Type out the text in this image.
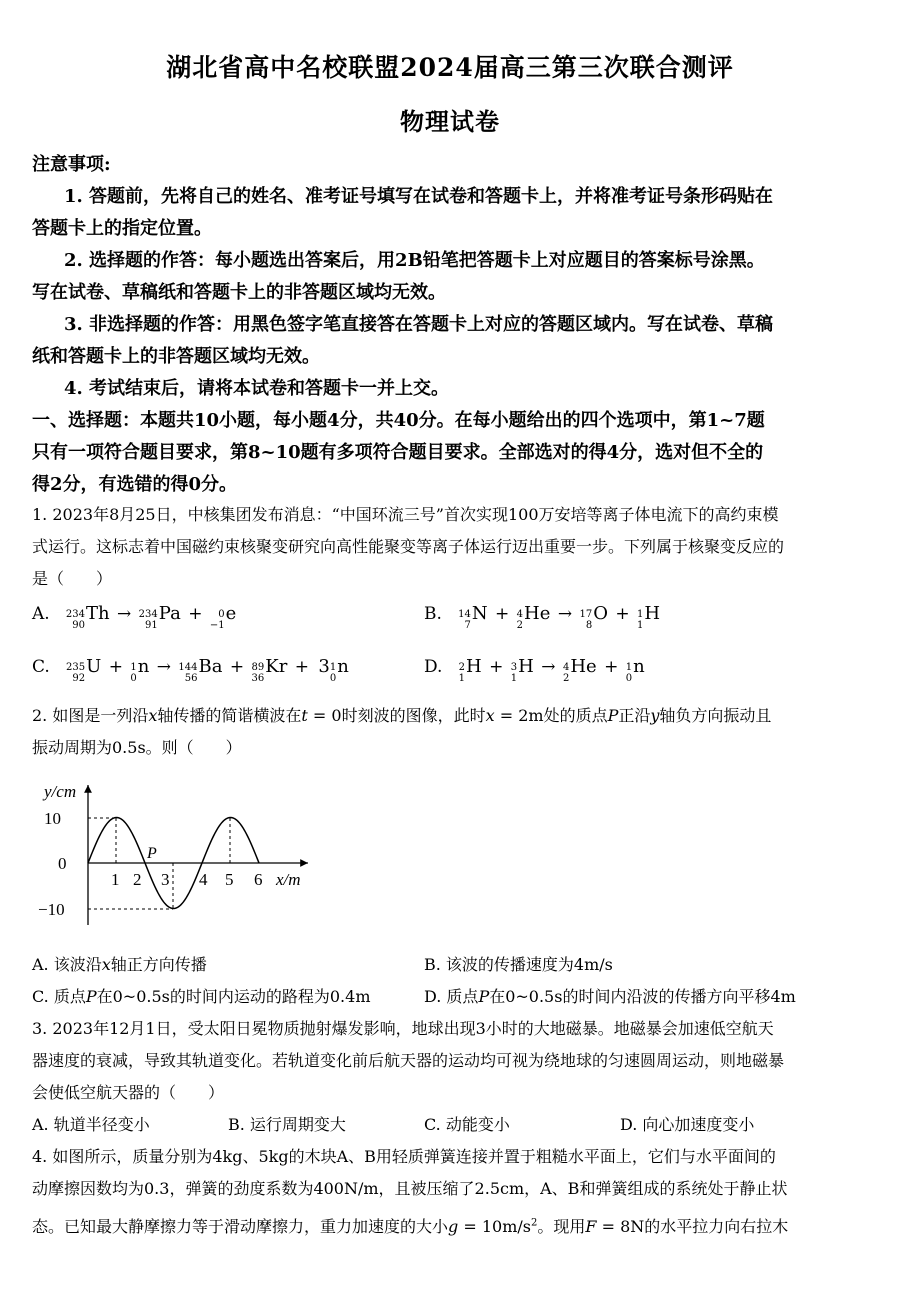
湖北省高中名校联盟2024届高三第三次联合测评
物理试卷
注意事项:
1. 答题前，先将自己的姓名、准考证号填写在试卷和答题卡上，并将准考证号条形码贴在
答题卡上的指定位置。
2. 选择题的作答：每小题选出答案后，用2B铅笔把答题卡上对应题目的答案标号涂黑。
写在试卷、草稿纸和答题卡上的非答题区域均无效。
3. 非选择题的作答：用黑色签字笔直接答在答题卡上对应的答题区域内。写在试卷、草稿
纸和答题卡上的非答题区域均无效。
4. 考试结束后，请将本试卷和答题卡一并上交。
一、选择题：本题共10小题，每小题4分，共40分。在每小题给出的四个选项中，第1~7题
只有一项符合题目要求，第8~10题有多项符合题目要求。全部选对的得4分，选对但不全的
得2分，有选错的得0分。
1. 2023年8月25日，中核集团发布消息：“中国环流三号”首次实现100万安培等离子体电流下的高约束模
式运行。这标志着中国磁约束核聚变研究向高性能聚变等离子体运行迈出重要一步。下列属于核聚变反应的
是（　　）
A. 234
90
Th → 234
91
Pa +	0
−1
e	B. 14
7
N + 4
2
He → 17
8
O + 1
1
H
C. 235
92
U + 1
0
n → 144
56
Ba + 89
36
Kr + 3 1
0
n	D. 2
1
H + 3
1
H → 4
2
He + 1
0
n
2. 如图是一列沿x轴传播的简谐横波在t = 0时刻波的图像，此时x = 2m处的质点P正沿y轴负方向振动且
振动周期为0.5s。则（　　）
y/cm
10
0
−10
1 2 3 4 5 6 x/m
P
A. 该波沿x轴正方向传播	B. 该波的传播速度为4m/s
C. 质点P在0~0.5s的时间内运动的路程为0.4m	D. 质点P在0~0.5s的时间内沿波的传播方向平移4m
3. 2023年12月1日，受太阳日冕物质抛射爆发影响，地球出现3小时的大地磁暴。地磁暴会加速低空航天
器速度的衰减，导致其轨道变化。若轨道变化前后航天器的运动均可视为绕地球的匀速圆周运动，则地磁暴
会使低空航天器的（　　）
A. 轨道半径变小	B. 运行周期变大	C. 动能变小	D. 向心加速度变小
4. 如图所示，质量分别为4kg、5kg的木块A、B用轻质弹簧连接并置于粗糙水平面上，它们与水平面间的
动摩擦因数均为0.3，弹簧的劲度系数为400N/m，且被压缩了2.5cm，A、B和弹簧组成的系统处于静止状
态。已知最大静摩擦力等于滑动摩擦力，重力加速度的大小$g = 10m/s^2$。现用F = 8N的水平拉力向右拉木
